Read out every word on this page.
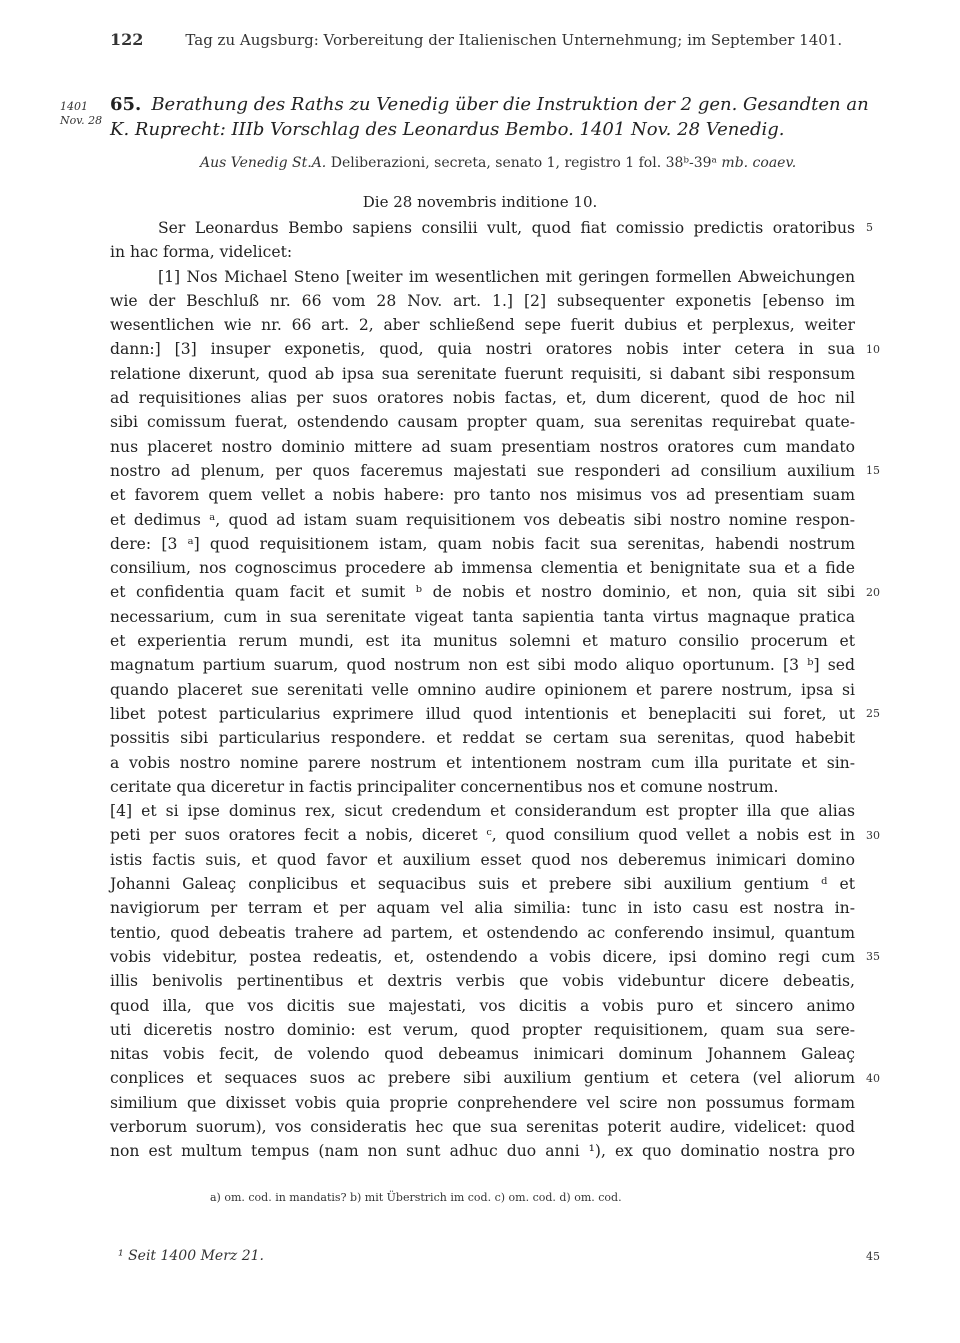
122	Tag zu Augsburg: Vorbereitung der Italienischen Unternehmung; im September 1401.
1401
Nov. 28
65. Berathung des Raths zu Venedig über die Instruktion der 2 gen. Gesandten an
K. Ruprecht: IIIb Vorschlag des Leonardus Bembo. 1401 Nov. 28 Venedig.
Aus Venedig St.A. Deliberazioni, secreta, senato 1, registro 1 fol. 38ᵇ-39ᵃ mb. coaev.
Die 28 novembris inditione 10.
Ser Leonardus Bembo sapiens consilii vult, quod fiat comissio predictis oratoribus
in hac forma, videlicet:
[1] Nos Michael Steno [weiter im wesentlichen mit geringen formellen Abweichungen
wie der Beschluß nr. 66 vom 28 Nov. art. 1.] [2] subsequenter exponetis [ebenso im
wesentlichen wie nr. 66 art. 2, aber schließend sepe fuerit dubius et perplexus, weiter
dann:] [3] insuper exponetis, quod, quia nostri oratores nobis inter cetera in sua
relatione dixerunt, quod ab ipsa sua serenitate fuerunt requisiti, si dabant sibi responsum
ad requisitiones alias per suos oratores nobis factas, et, dum dicerent, quod de hoc nil
sibi comissum fuerat, ostendendo causam propter quam, sua serenitas requirebat quate-
nus placeret nostro dominio mittere ad suam presentiam nostros oratores cum mandato
nostro ad plenum, per quos faceremus majestati sue responderi ad consilium auxilium
et favorem quem vellet a nobis habere: pro tanto nos misimus vos ad presentiam suam
et dedimus ᵃ, quod ad istam suam requisitionem vos debeatis sibi nostro nomine respon-
dere: [3 ᵃ] quod requisitionem istam, quam nobis facit sua serenitas, habendi nostrum
consilium, nos cognoscimus procedere ab immensa clementia et benignitate sua et a fide
et confidentia quam facit et sumit ᵇ de nobis et nostro dominio, et non, quia sit sibi
necessarium, cum in sua serenitate vigeat tanta sapientia tanta virtus magnaque pratica
et experientia rerum mundi, est ita munitus solemni et maturo consilio procerum et
magnatum partium suarum, quod nostrum non est sibi modo aliquo oportunum. [3 ᵇ] sed
quando placeret sue serenitati velle omnino audire opinionem et parere nostrum, ipsa si
libet potest particularius exprimere illud quod intentionis et beneplaciti sui foret, ut
possitis sibi particularius respondere. et reddat se certam sua serenitas, quod habebit
a vobis nostro nomine parere nostrum et intentionem nostram cum illa puritate et sin-
ceritate qua diceretur in factis principaliter concernentibus nos et comune nostrum.
[4] et si ipse dominus rex, sicut credendum et considerandum est propter illa que alias
peti per suos oratores fecit a nobis, diceret ᶜ, quod consilium quod vellet a nobis est in
istis factis suis, et quod favor et auxilium esset quod nos deberemus inimicari domino
Johanni Galeaç conplicibus et sequacibus suis et prebere sibi auxilium gentium ᵈ et
navigiorum per terram et per aquam vel alia similia: tunc in isto casu est nostra in-
tentio, quod debeatis trahere ad partem, et ostendendo ac conferendo insimul, quantum
vobis videbitur, postea redeatis, et, ostendendo a vobis dicere, ipsi domino regi cum
illis benivolis pertinentibus et dextris verbis que vobis videbuntur dicere debeatis,
quod illa, que vos dicitis sue majestati, vos dicitis a vobis puro et sincero animo
uti diceretis nostro dominio: est verum, quod propter requisitionem, quam sua sere-
nitas vobis fecit, de volendo quod debeamus inimicari dominum Johannem Galeaç
conplices et sequaces suos ac prebere sibi auxilium gentium et cetera (vel aliorum
similium que dixisset vobis quia proprie conprehendere vel scire non possumus formam
verborum suorum), vos consideratis hec que sua serenitas poterit audire, videlicet: quod
non est multum tempus (nam non sunt adhuc duo anni ¹), ex quo dominatio nostra pro
5
10
15
20
25
30
35
40
a) om. cod. in mandatis? b) mit Überstrich im cod. c) om. cod. d) om. cod.
¹ Seit 1400 Merz 21.	45
